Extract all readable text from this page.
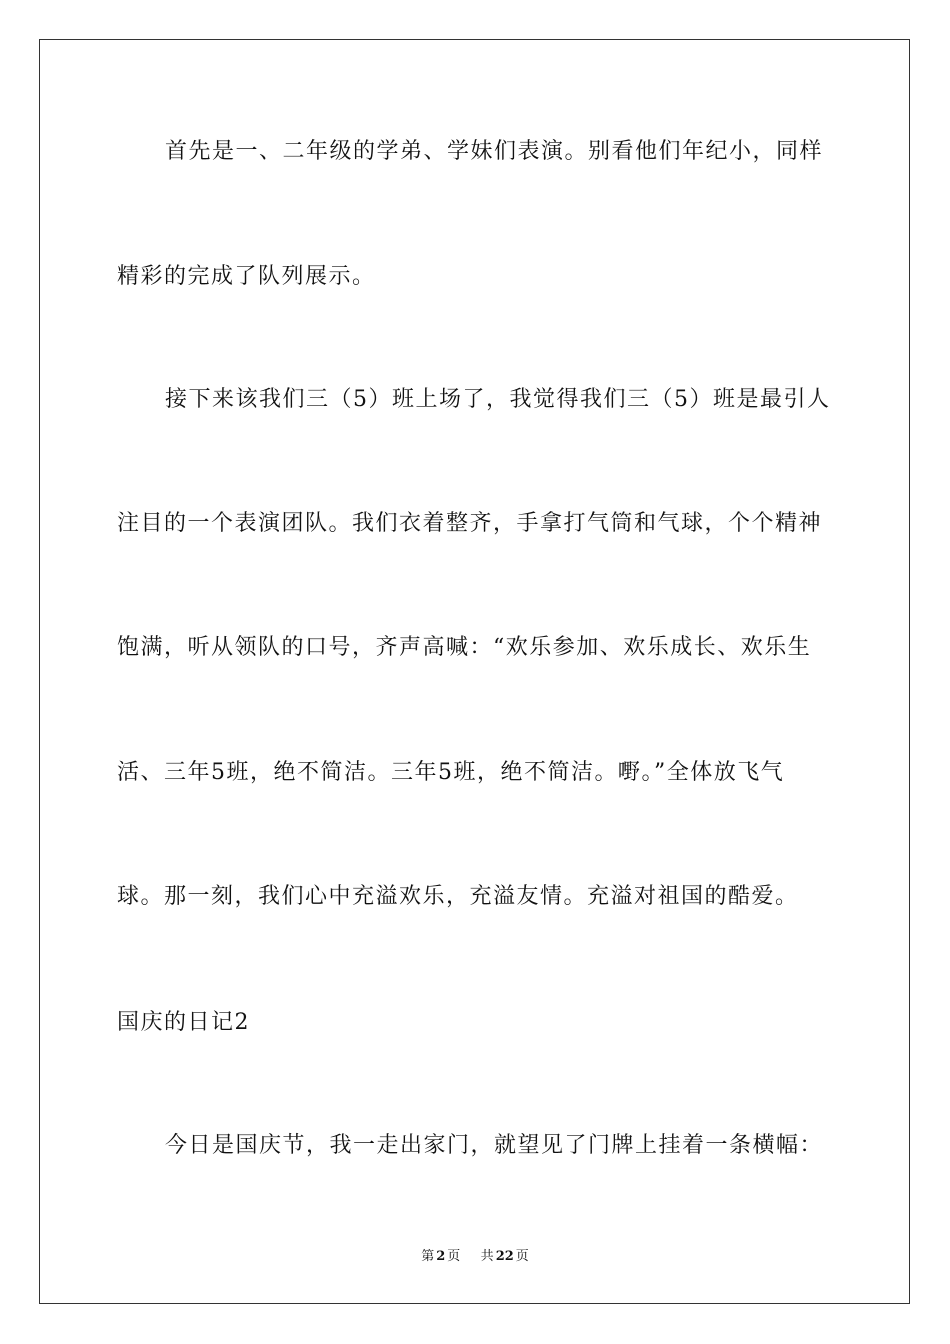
首先是一、二年级的学弟、学妹们表演。别看他们年纪小，同样
精彩的完成了队列展示。
接下来该我们三（5）班上场了，我觉得我们三（5）班是最引人
注目的一个表演团队。我们衣着整齐，手拿打气筒和气球，个个精神
饱满，听从领队的口号，齐声高喊：“欢乐参加、欢乐成长、欢乐生
活、三年5班，绝不简洁。三年5班，绝不简洁。嘢。”全体放飞气
球。那一刻，我们心中充溢欢乐，充溢友情。充溢对祖国的酷爱。
国庆的日记2
今日是国庆节，我一走出家门，就望见了门牌上挂着一条横幅：
第 2 页 共 22 页
